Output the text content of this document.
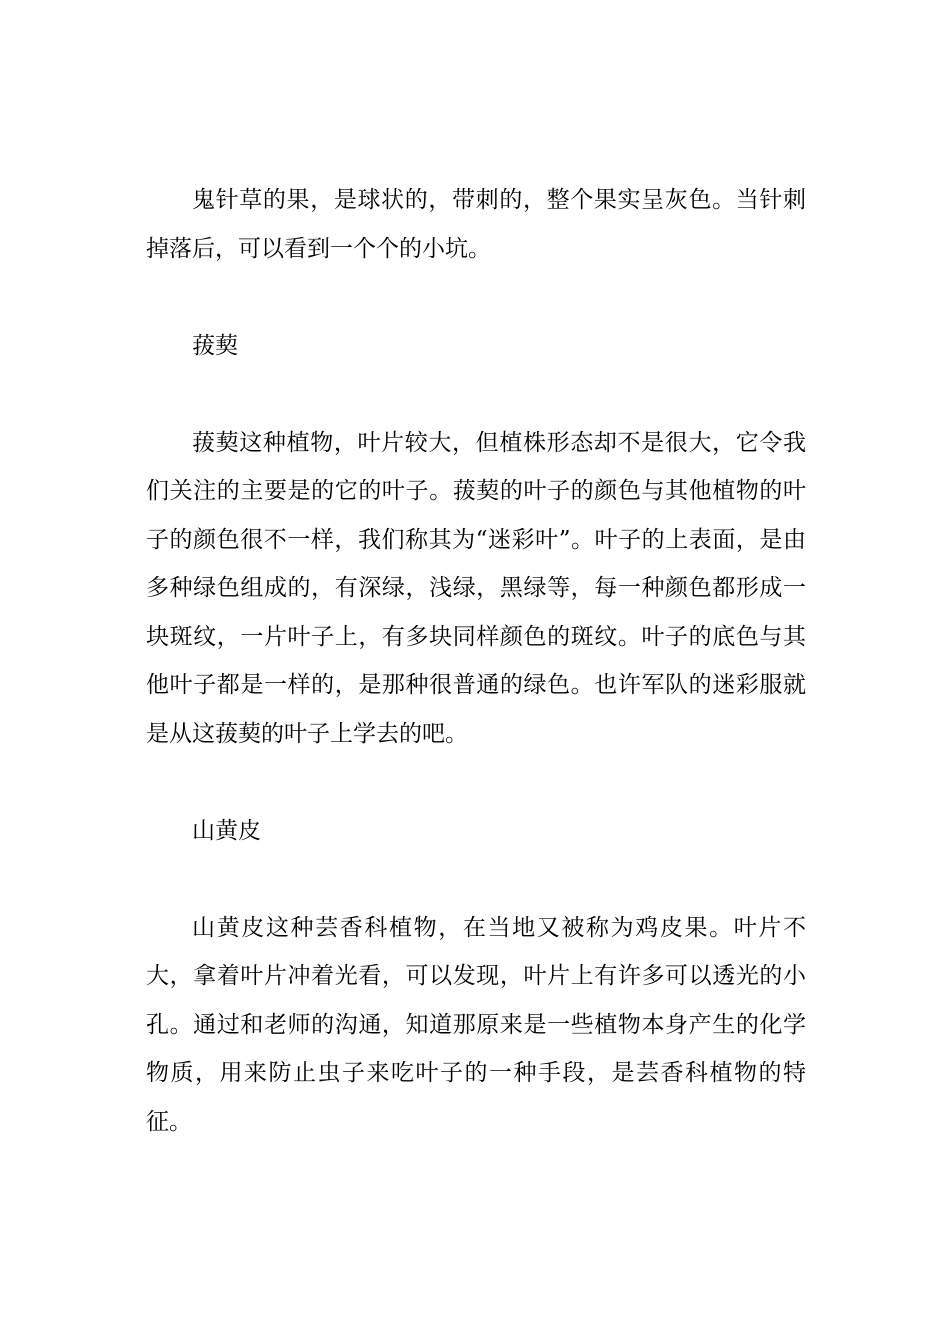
鬼针草的果，是球状的，带刺的，整个果实呈灰色。当针刺掉落后，可以看到一个个的小坑。

菝葜

菝葜这种植物，叶片较大，但植株形态却不是很大，它令我们关注的主要是的它的叶子。菝葜的叶子的颜色与其他植物的叶子的颜色很不一样，我们称其为“迷彩叶”。叶子的上表面，是由多种绿色组成的，有深绿，浅绿，黑绿等，每一种颜色都形成一块斑纹，一片叶子上，有多块同样颜色的斑纹。叶子的底色与其他叶子都是一样的，是那种很普通的绿色。也许军队的迷彩服就是从这菝葜的叶子上学去的吧。

山黄皮

山黄皮这种芸香科植物，在当地又被称为鸡皮果。叶片不大，拿着叶片冲着光看，可以发现，叶片上有许多可以透光的小孔。通过和老师的沟通，知道那原来是一些植物本身产生的化学物质，用来防止虫子来吃叶子的一种手段，是芸香科植物的特征。
